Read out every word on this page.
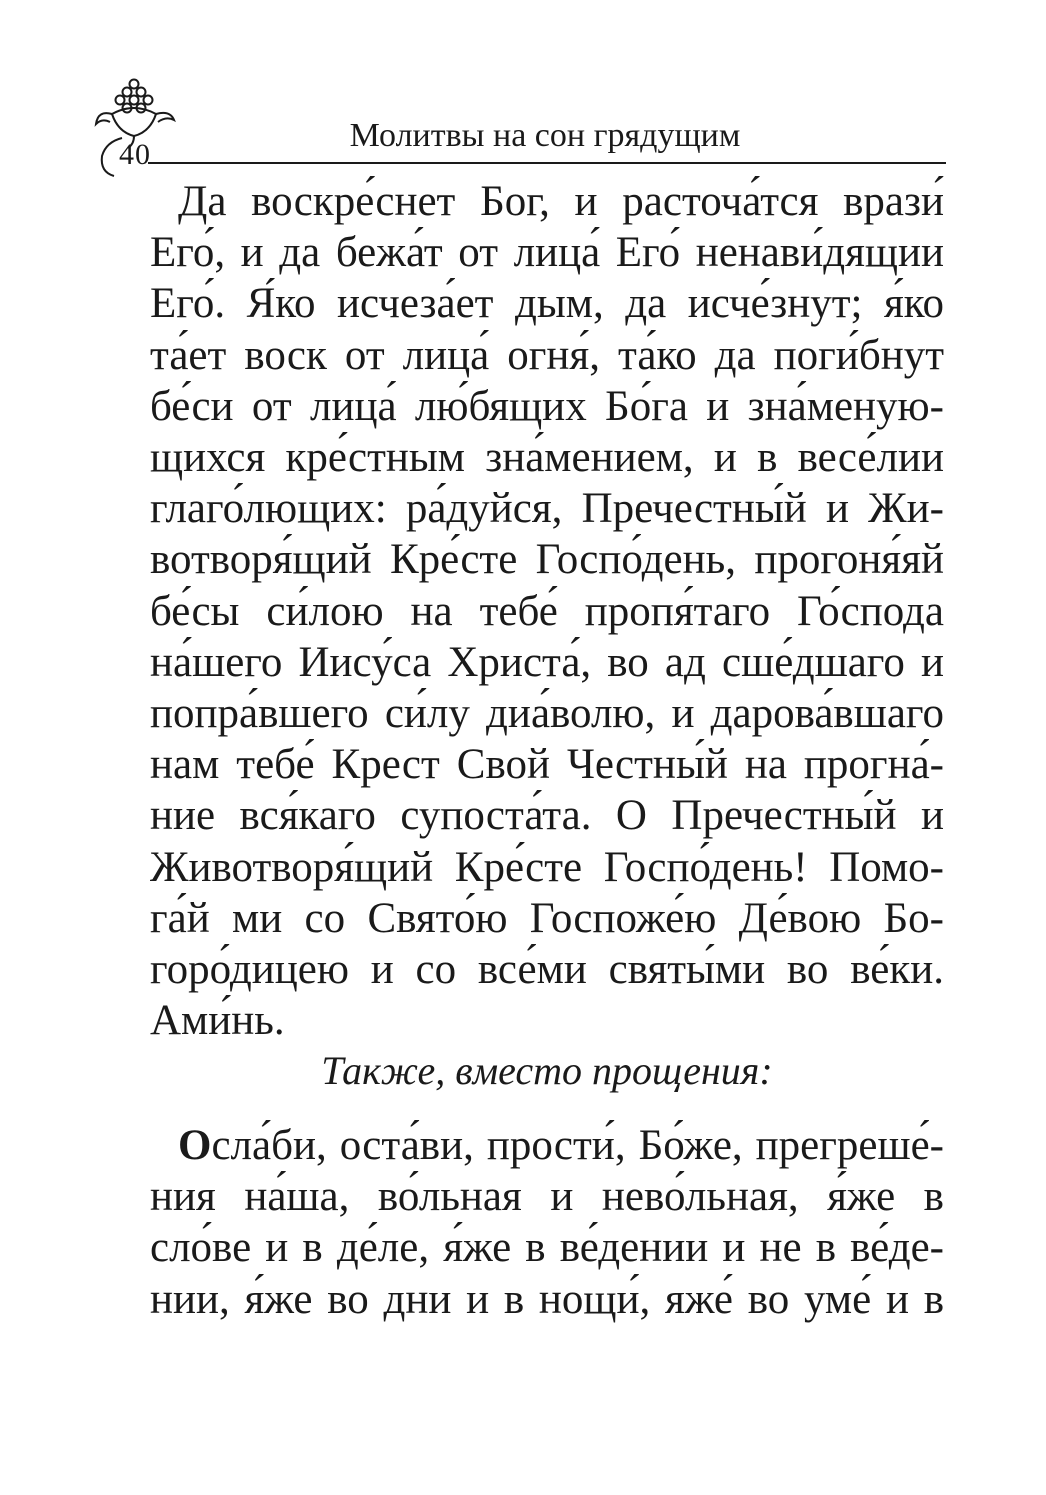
40
Молитвы на сон грядущим

Да воскре́снет Бог, и расточа́тся врази́
Его́, и да бежа́т от лица́ Его́ ненави́дящии
Его́. Я́ко исчеза́ет дым, да исче́знут; я́ко
та́ет воск от лица́ огня́, та́ко да поги́бнут
бе́си от лица́ лю́бящих Бо́га и зна́меную-
щихся кре́стным зна́мением, и в весе́лии
глаго́лющих: ра́дуйся, Пречестны́й и Жи-
вотворя́щий Кре́сте Госпо́день, прогоня́яй
бе́сы си́лою на тебе́ пропя́таго Го́спода
на́шего Иису́са Христа́, во ад сше́дшаго и
попра́вшего си́лу диа́волю, и дарова́вшаго
нам тебе́ Крест Свой Честны́й на прогна́-
ние вся́каго супоста́та. О Пречестны́й и
Животворя́щий Кре́сте Госпо́день! Помо-
га́й ми со Свято́ю Госпоже́ю Де́вою Бо-
горо́дицею и со все́ми святы́ми во ве́ки.
Ами́нь.

Также, вместо прощения:

Осла́би, оста́ви, прости́, Бо́же, прегреше́-
ния на́ша, во́льная и нево́льная, я́же в
сло́ве и в де́ле, я́же в ве́дении и не в ве́де-
нии, я́же во дни и в нощи́, яже́ во уме́ и в
